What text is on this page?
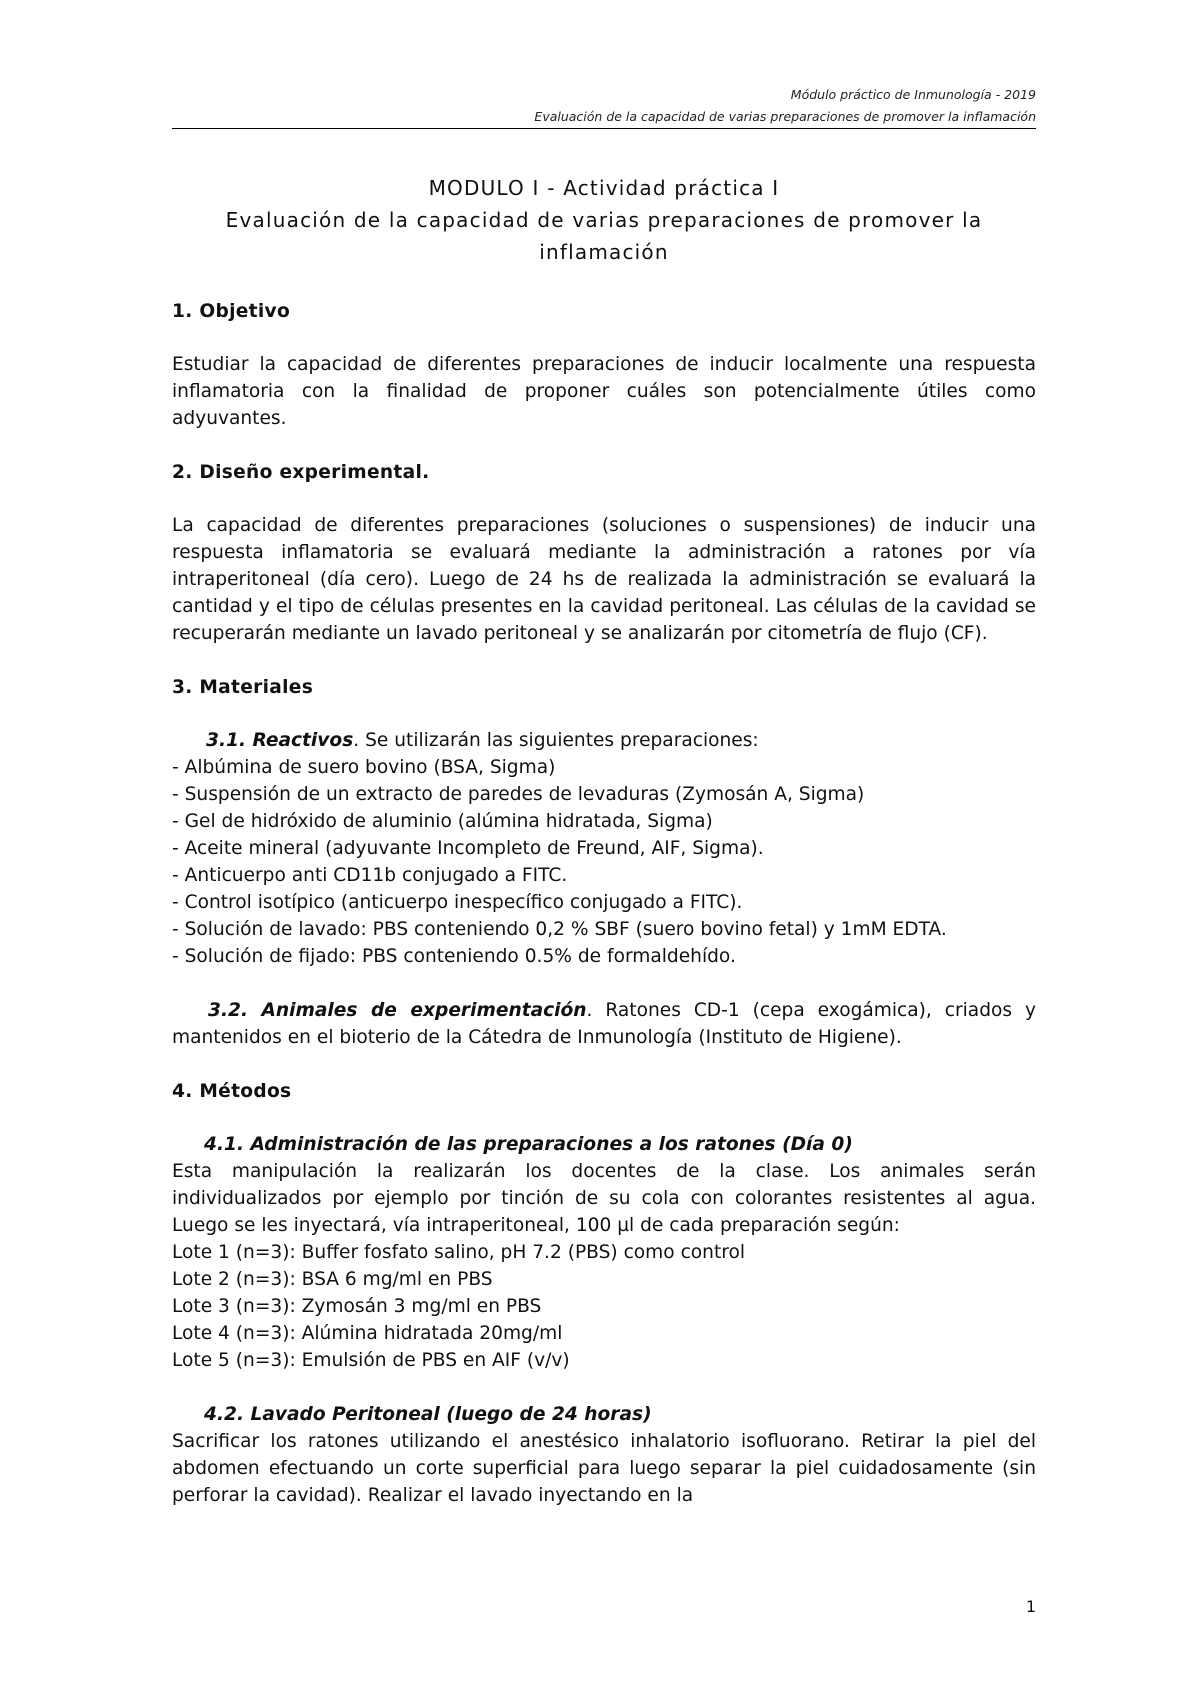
Módulo práctico de Inmunología - 2019
Evaluación de la capacidad de varias preparaciones de promover la inflamación
MODULO I - Actividad práctica I
Evaluación de la capacidad de varias preparaciones de promover la inflamación
1. Objetivo

Estudiar la capacidad de diferentes preparaciones de inducir localmente una respuesta inflamatoria con la finalidad de proponer cuáles son potencialmente útiles como adyuvantes.

2. Diseño experimental.

La capacidad de diferentes preparaciones (soluciones o suspensiones) de inducir una respuesta inflamatoria se evaluará mediante la administración a ratones por vía intraperitoneal (día cero). Luego de 24 hs de realizada la administración se evaluará la cantidad y el tipo de células presentes en la cavidad peritoneal. Las células de la cavidad se recuperarán mediante un lavado peritoneal y se analizarán por citometría de flujo (CF).

3. Materiales
3.1. Reactivos. Se utilizarán las siguientes preparaciones:
- Albúmina de suero bovino (BSA, Sigma)
- Suspensión de un extracto de paredes de levaduras (Zymosán A, Sigma)
- Gel de hidróxido de aluminio (alúmina hidratada, Sigma)
- Aceite mineral (adyuvante Incompleto de Freund, AIF, Sigma).
- Anticuerpo anti CD11b conjugado a FITC.
- Control isotípico (anticuerpo inespecífico conjugado a FITC).
- Solución de lavado: PBS conteniendo 0,2 % SBF (suero bovino fetal) y 1mM EDTA.
- Solución de fijado: PBS conteniendo 0.5% de formaldehído.

3.2. Animales de experimentación. Ratones CD-1 (cepa exogámica), criados y mantenidos en el bioterio de la Cátedra de Inmunología (Instituto de Higiene).

4. Métodos
4.1. Administración de las preparaciones a los ratones (Día 0)

Esta manipulación la realizarán los docentes de la clase. Los animales serán individualizados por ejemplo por tinción de su cola con colorantes resistentes al agua. Luego se les inyectará, vía intraperitoneal, 100 µl de cada preparación según:

Lote 1 (n=3): Buffer fosfato salino, pH 7.2 (PBS) como control
Lote 2 (n=3): BSA 6 mg/ml en PBS
Lote 3 (n=3): Zymosán 3 mg/ml en PBS
Lote 4 (n=3): Alúmina hidratada 20mg/ml
Lote 5 (n=3): Emulsión de PBS en AIF (v/v)
4.2. Lavado Peritoneal (luego de 24 horas)

Sacrificar los ratones utilizando el anestésico inhalatorio isofluorano. Retirar la piel del abdomen efectuando un corte superficial para luego separar la piel cuidadosamente (sin perforar la cavidad). Realizar el lavado inyectando en la

1
